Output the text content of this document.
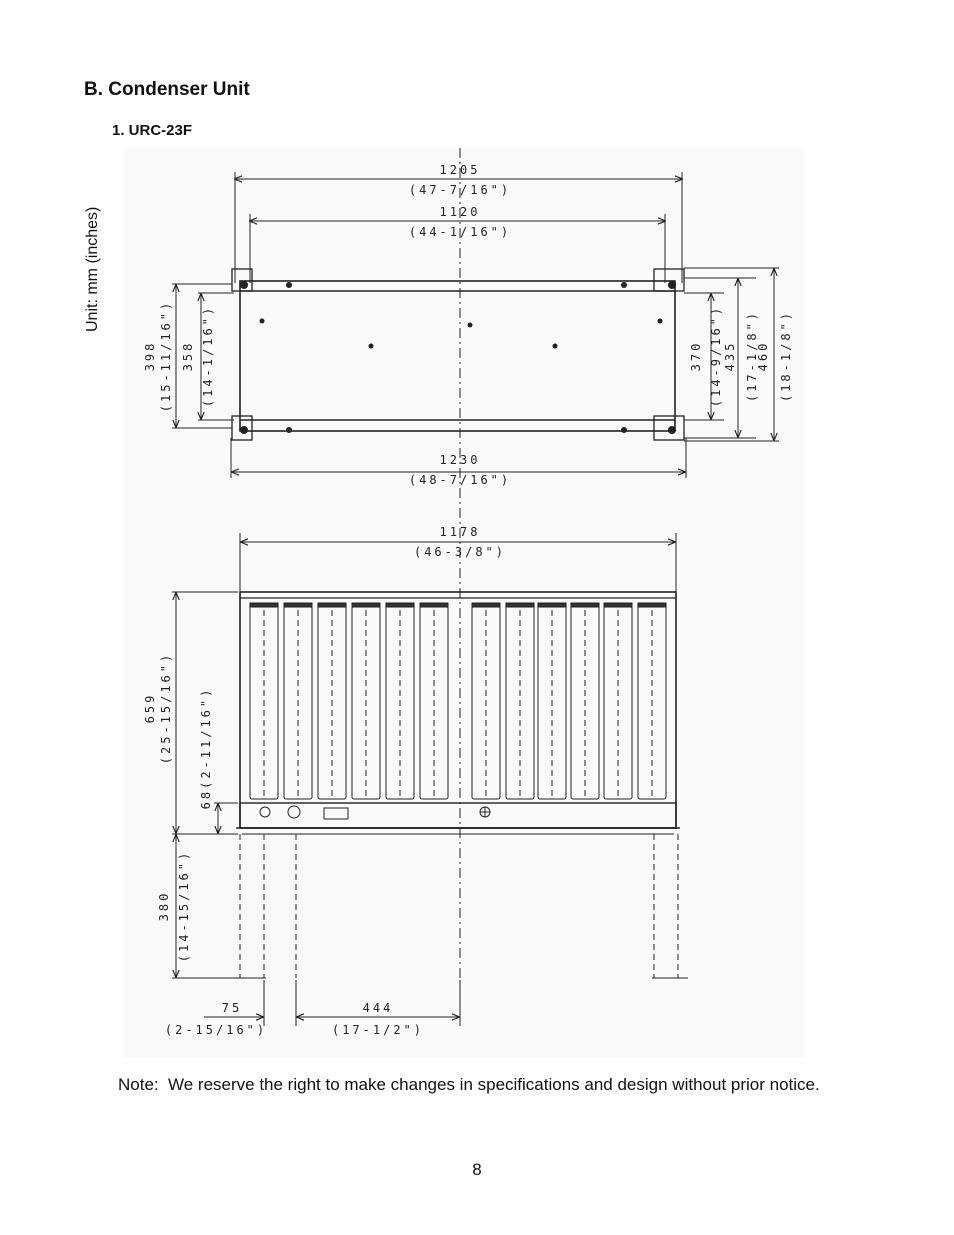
B. Condenser Unit
1. URC-23F
Unit: mm (inches)
1205
(47-7/16")
1120
(44-1/16")
398 (15-11/16") 358 (14-1/16")	370 (14-9/16") 435 (17-1/8")
460 (18-1/8")
1230
(48-7/16")
1178
(46-3/8")
659 (25-15/16") 68(2-11/16")
380 (14-15/16")
75
(2-15/16")
444
(17-1/2")
Note: We reserve the right to make changes in specifications and design without prior notice.
8
